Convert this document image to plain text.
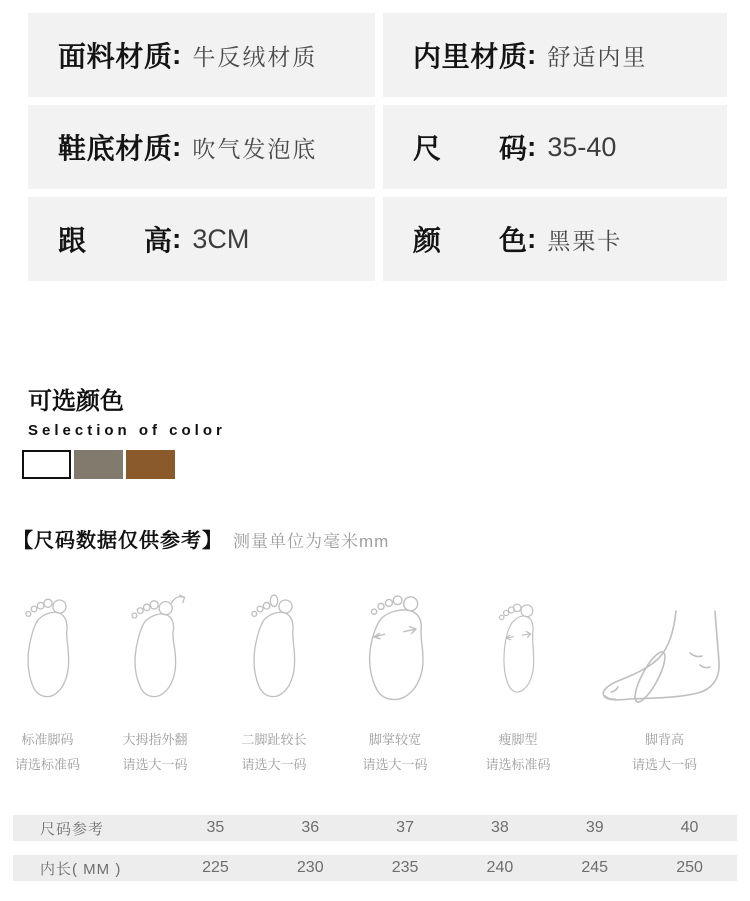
面料材质 : 牛反绒材质	内里材质 : 舒适内里
鞋底材质 : 吹气发泡底	尺码 : 35-40
跟高 : 3CM	颜色 : 黑栗卡
可选颜色
Selection of color
【尺码数据仅供参考】 测量单位为毫米mm
标准脚码
请选标准码
大拇指外翻
请选大一码
二脚趾较长
请选大一码
脚掌较宽
请选大一码
瘦脚型
请选标准码
脚背高
请选大一码
尺码参考	35	36	37	38	39	40
内长( MM )	225	230	235	240	245	250
